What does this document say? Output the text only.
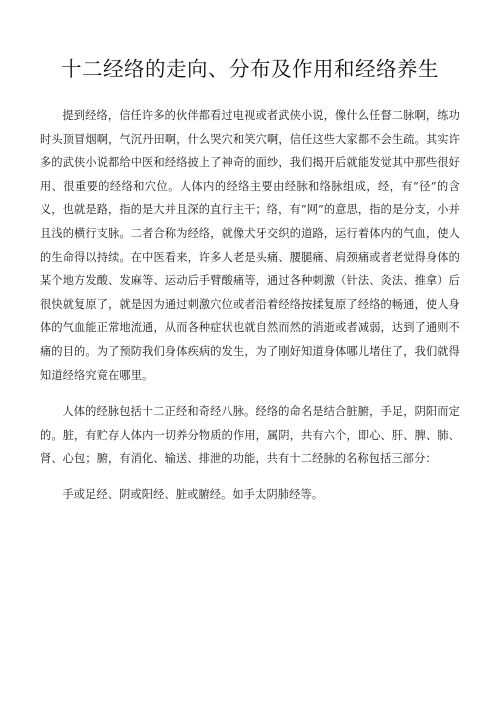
十二经络的走向、分布及作用和经络养生

提到经络，信任许多的伙伴都看过电视或者武侠小说，像什么任督二脉啊，练功时头顶冒烟啊，气沉丹田啊，什么哭穴和笑穴啊，信任这些大家都不会生疏。其实许多的武侠小说都给中医和经络披上了神奇的面纱，我们揭开后就能发觉其中那些很好用、很重要的经络和穴位。人体内的经络主要由经脉和络脉组成，经，有“径”的含义，也就是路，指的是大并且深的直行主干；络，有“网”的意思，指的是分支，小并且浅的横行支脉。二者合称为经络，就像犬牙交织的道路，运行着体内的气血，使人的生命得以持续。在中医看来，许多人老是头痛、腰腿痛、肩颈痛或者老觉得身体的某个地方发酸、发麻等、运动后手臂酸痛等，通过各种刺激（针法、灸法、推拿）后很快就复原了，就是因为通过刺激穴位或者沿着经络按揉复原了经络的畅通，使人身体的气血能正常地流通，从而各种症状也就自然而然的消逝或者减弱，达到了通则不痛的目的。为了预防我们身体疾病的发生，为了刚好知道身体哪儿堵住了，我们就得知道经络究竟在哪里。

人体的经脉包括十二正经和奇经八脉。经络的命名是结合脏腑，手足，阴阳而定的。脏，有贮存人体内一切养分物质的作用，属阴，共有六个，即心、肝、脾、肺、肾、心包；腑，有消化、输送、排泄的功能，共有十二经脉的名称包括三部分：

手或足经、阴或阳经、脏或腑经。如手太阴肺经等。
